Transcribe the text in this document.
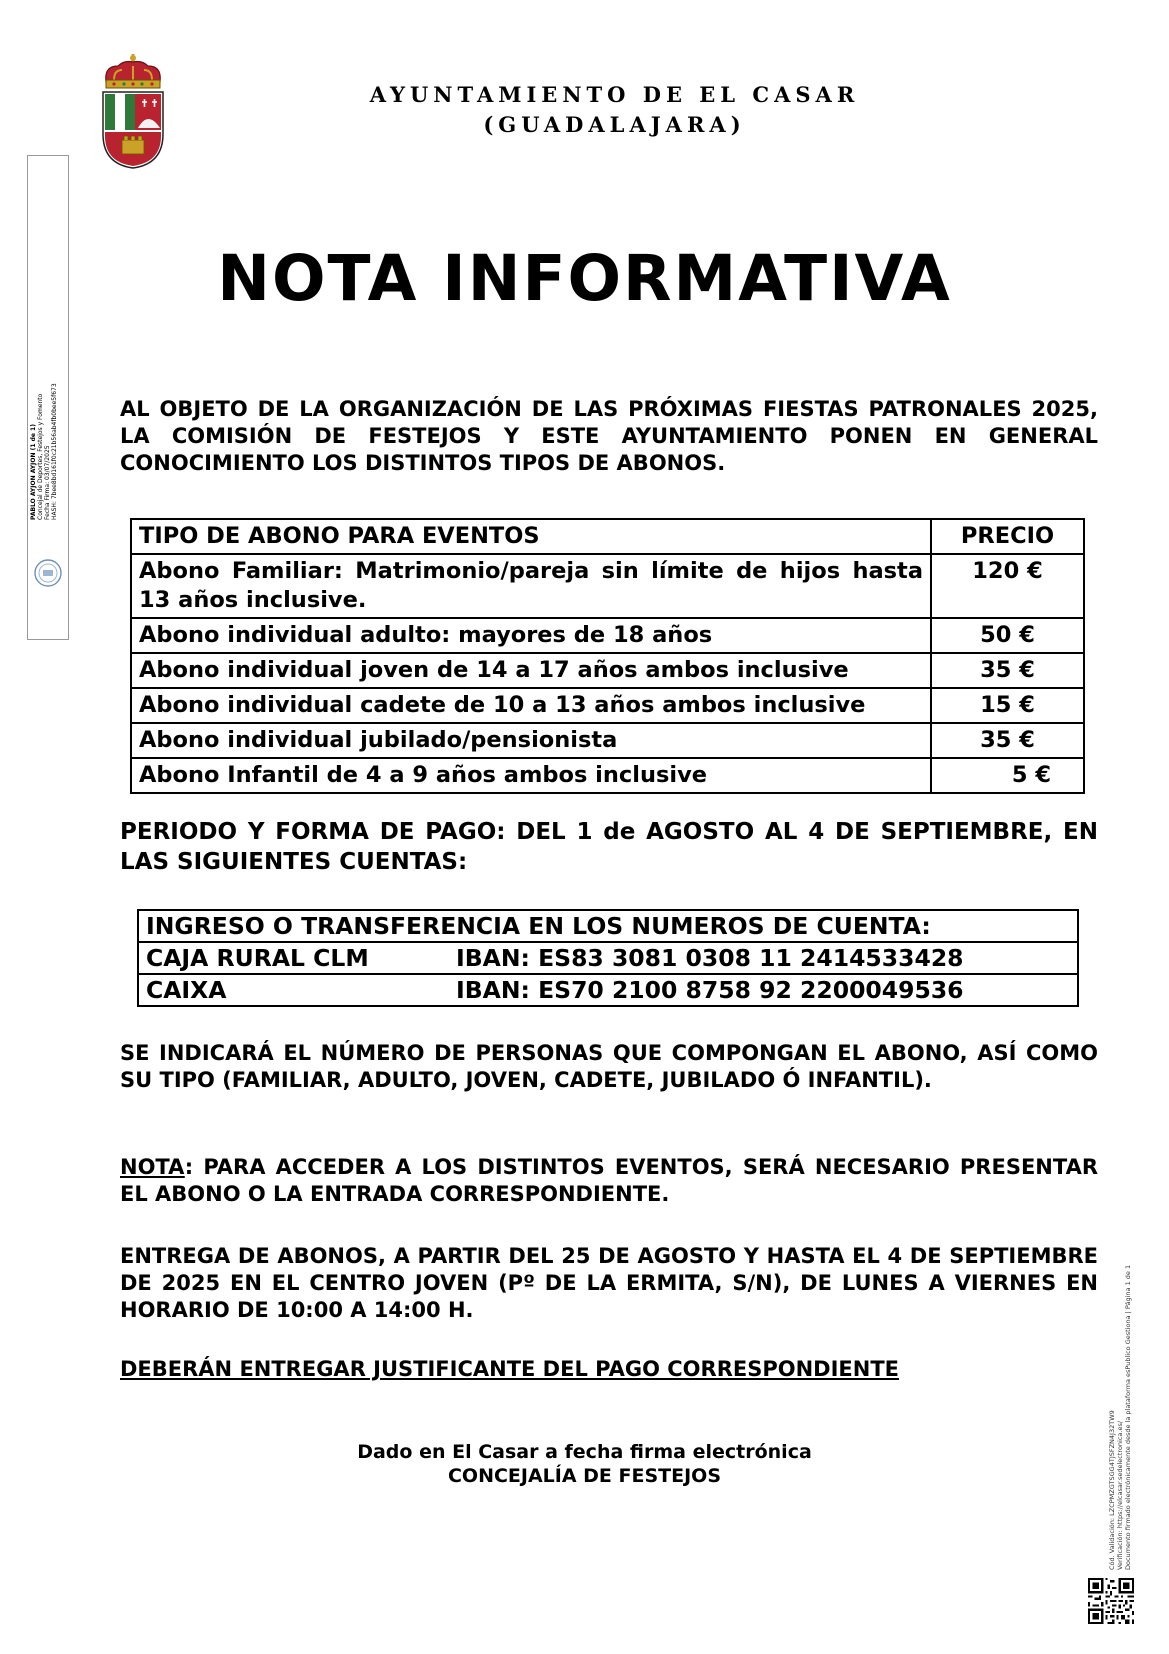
AYUNTAMIENTO DE EL CASAR
(GUADALAJARA)
NOTA INFORMATIVA
AL OBJETO DE LA ORGANIZACIÓN DE LAS PRÓXIMAS FIESTAS PATRONALES 2025, LA COMISIÓN DE FESTEJOS Y ESTE AYUNTAMIENTO PONEN EN GENERAL CONOCIMIENTO LOS DISTINTOS TIPOS DE ABONOS.
TIPO DE ABONO PARA EVENTOS	PRECIO
Abono Familiar: Matrimonio/pareja sin límite de hijos hasta 13 años inclusive.	120 €
Abono individual adulto: mayores de 18 años	50 €
Abono individual joven de 14 a 17 años ambos inclusive	35 €
Abono individual cadete de 10 a 13 años ambos inclusive	15 €
Abono individual jubilado/pensionista	35 €
Abono Infantil de 4 a 9 años ambos inclusive	5 €
PERIODO Y FORMA DE PAGO: DEL 1 de AGOSTO AL 4 DE SEPTIEMBRE, EN LAS SIGUIENTES CUENTAS:
INGRESO O TRANSFERENCIA EN LOS NUMEROS DE CUENTA:
CAJA RURAL CLM	IBAN: ES83 3081 0308 11 2414533428
CAIXA	IBAN: ES70 2100 8758 92 2200049536
SE INDICARÁ EL NÚMERO DE PERSONAS QUE COMPONGAN EL ABONO, ASÍ COMO SU TIPO (FAMILIAR, ADULTO, JOVEN, CADETE, JUBILADO Ó INFANTIL).
NOTA: PARA ACCEDER A LOS DISTINTOS EVENTOS, SERÁ NECESARIO PRESENTAR EL ABONO O LA ENTRADA CORRESPONDIENTE.
ENTREGA DE ABONOS, A PARTIR DEL 25 DE AGOSTO Y HASTA EL 4 DE SEPTIEMBRE DE 2025 EN EL CENTRO JOVEN (Pº DE LA ERMITA, S/N), DE LUNES A VIERNES EN HORARIO DE 10:00 A 14:00 H.
DEBERÁN ENTREGAR JUSTIFICANTE DEL PAGO CORRESPONDIENTE
Dado en El Casar a fecha firma electrónica
CONCEJALÍA DE FESTEJOS
PABLO AYJON AYJON (1 de 1)
Concejal de Deportes, Festejos y Fomento
Fecha Firma: 03/07/2025
HASH: 7bee8bd161f0c21b56ab4fb0bee5f673
Cód. Validación: LZCPMZGTSGG4TJSFZN4J32TW9
Verificación: https://elcasar.sedelectronica.es/
Documento firmado electrónicamente desde la plataforma esPublico Gestiona | Página 1 de 1
